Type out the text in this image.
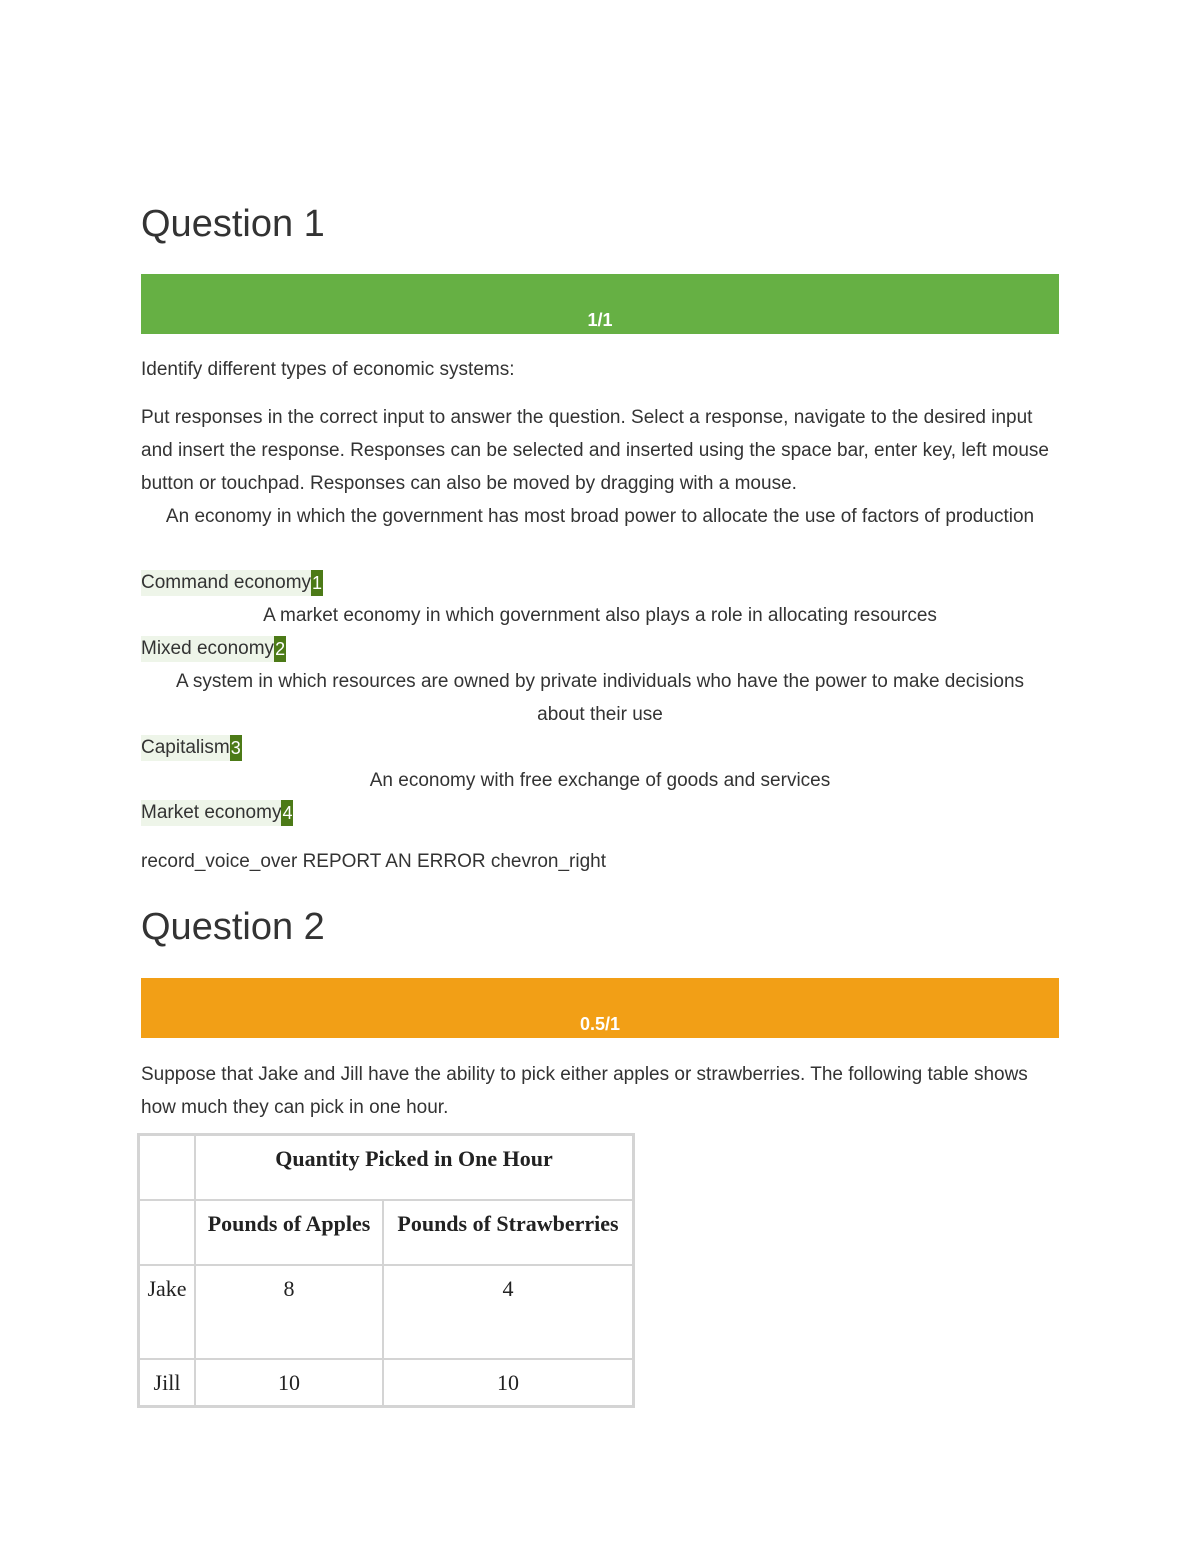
Question 1
1/1

Identify different types of economic systems:

Put responses in the correct input to answer the question. Select a response, navigate to the desired input and insert the response. Responses can be selected and inserted using the space bar, enter key, left mouse button or touchpad. Responses can also be moved by dragging with a mouse.

An economy in which the government has most broad power to allocate the use of factors of production

Command economy 1

A market economy in which government also plays a role in allocating resources

Mixed economy 2

A system in which resources are owned by private individuals who have the power to make decisions about their use

Capitalism 3

An economy with free exchange of goods and services

Market economy 4
record_voice_over REPORT AN ERROR chevron_right
Question 2
0.5/1

Suppose that Jake and Jill have the ability to pick either apples or strawberries. The following table shows how much they can pick in one hour.

	Quantity Picked in One Hour	
	Pounds of Apples	Pounds of Strawberries
Jake	8	4
Jill	10	10
